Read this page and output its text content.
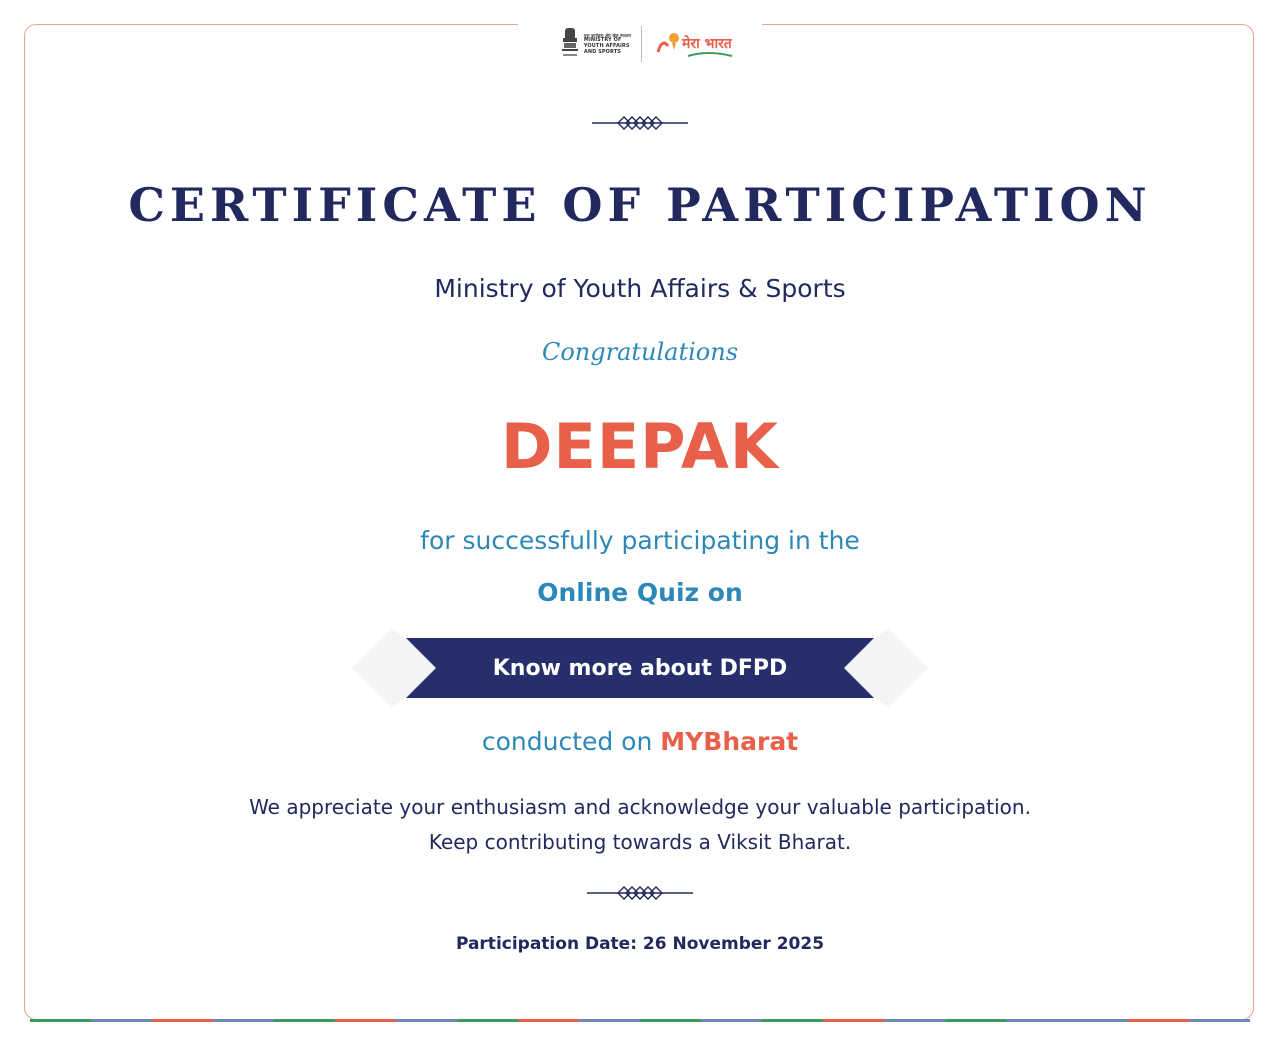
युवा कार्यक्रम और खेल मंत्रालय
MINISTRY OF
YOUTH AFFAIRS
AND SPORTS	मेरा भारत
CERTIFICATE OF PARTICIPATION
Ministry of Youth Affairs & Sports
Congratulations
DEEPAK
for successfully participating in the
Online Quiz on
Know more about DFPD
conducted on MYBharat
We appreciate your enthusiasm and acknowledge your valuable participation.
Keep contributing towards a Viksit Bharat.
Participation Date: 26 November 2025
